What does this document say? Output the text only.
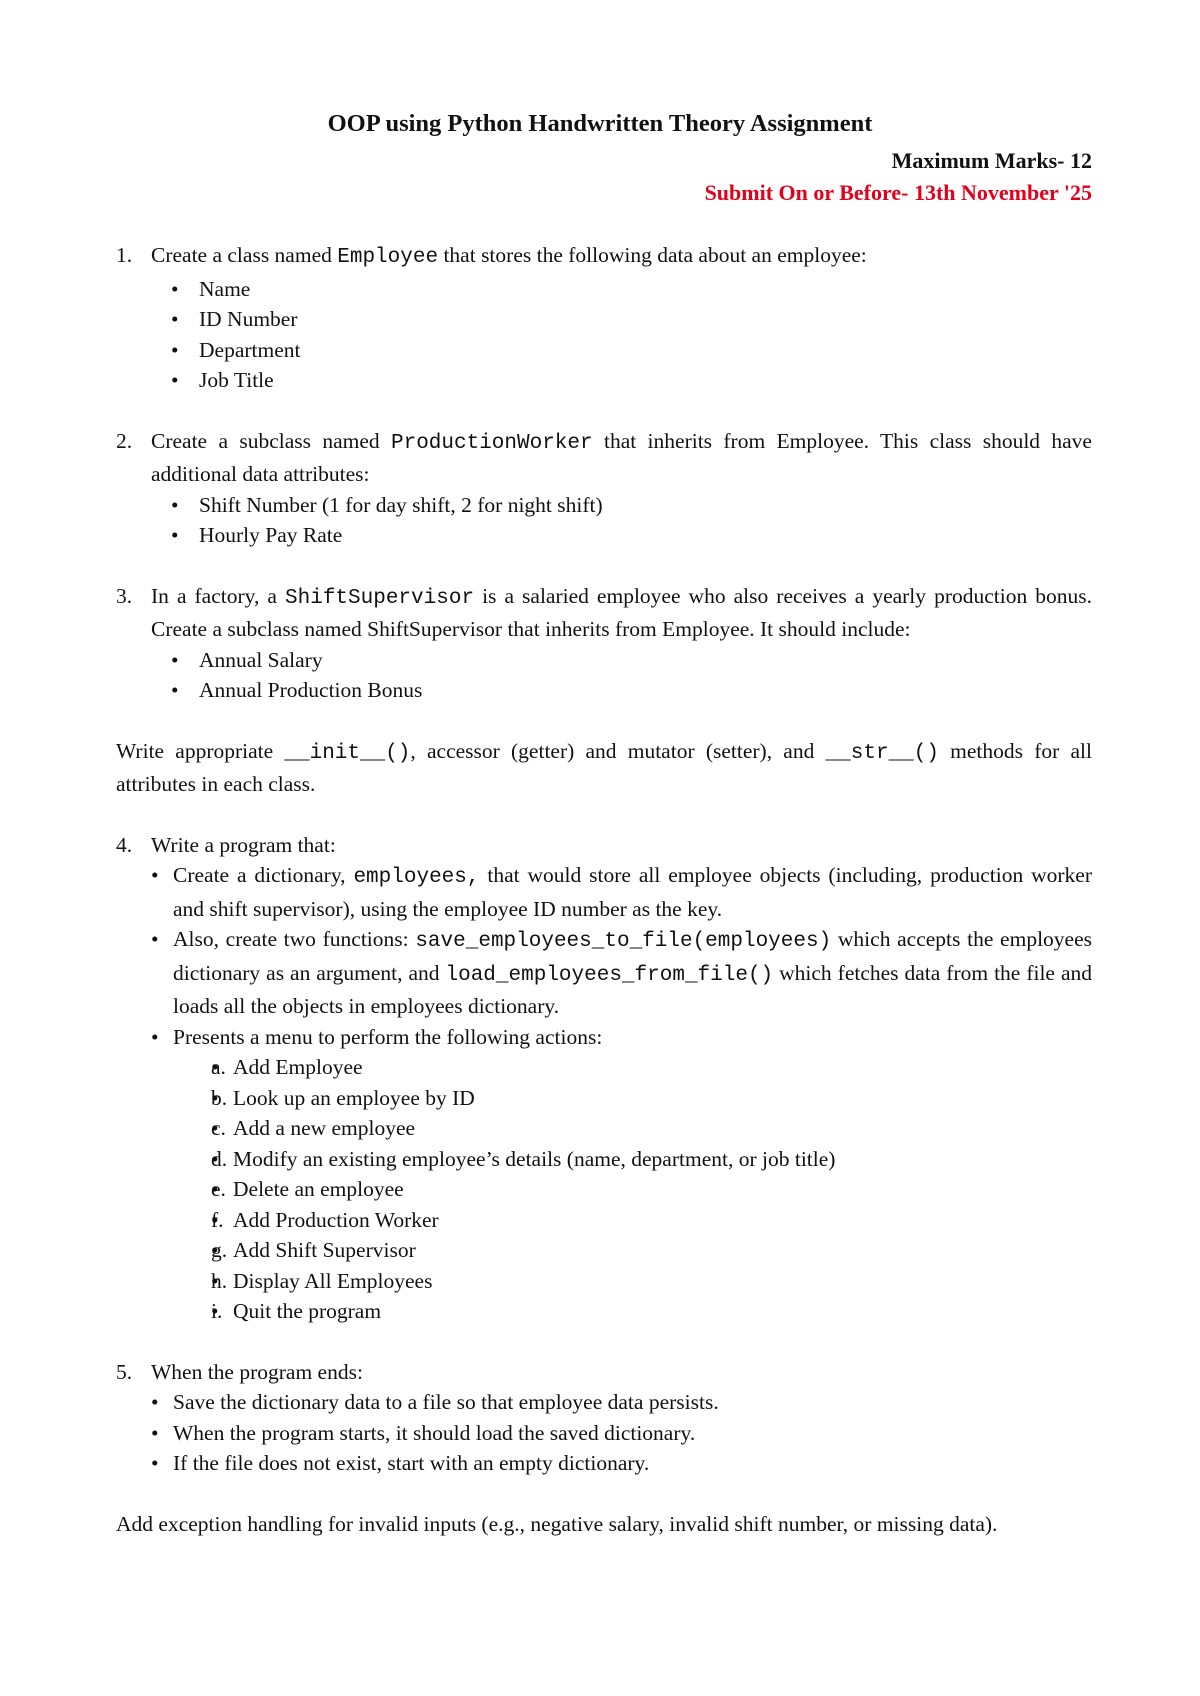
OOP using Python Handwritten Theory Assignment

Maximum Marks- 12
Submit On or Before- 13th November '25
1. Create a class named Employee that stores the following data about an employee:
• Name
• ID Number
• Department
• Job Title
2. Create a subclass named ProductionWorker that inherits from Employee. This class should have additional data attributes:
• Shift Number (1 for day shift, 2 for night shift)
• Hourly Pay Rate
3. In a factory, a ShiftSupervisor is a salaried employee who also receives a yearly production bonus. Create a subclass named ShiftSupervisor that inherits from Employee. It should include:
• Annual Salary
• Annual Production Bonus
Write appropriate __init__(), accessor (getter) and mutator (setter), and __str__() methods for all attributes in each class.
4. Write a program that:
• Create a dictionary, employees, that would store all employee objects (including, production worker and shift supervisor), using the employee ID number as the key.
• Also, create two functions: save_employees_to_file(employees) which accepts the employees dictionary as an argument, and load_employees_from_file() which fetches data from the file and loads all the objects in employees dictionary.
• Presents a menu to perform the following actions:
• a. Add Employee
• b. Look up an employee by ID
• c. Add a new employee
• d. Modify an existing employee’s details (name, department, or job title)
• e. Delete an employee
• f. Add Production Worker
• g. Add Shift Supervisor
• h. Display All Employees
• i. Quit the program
5. When the program ends:
• Save the dictionary data to a file so that employee data persists.
• When the program starts, it should load the saved dictionary.
• If the file does not exist, start with an empty dictionary.
Add exception handling for invalid inputs (e.g., negative salary, invalid shift number, or missing data).
